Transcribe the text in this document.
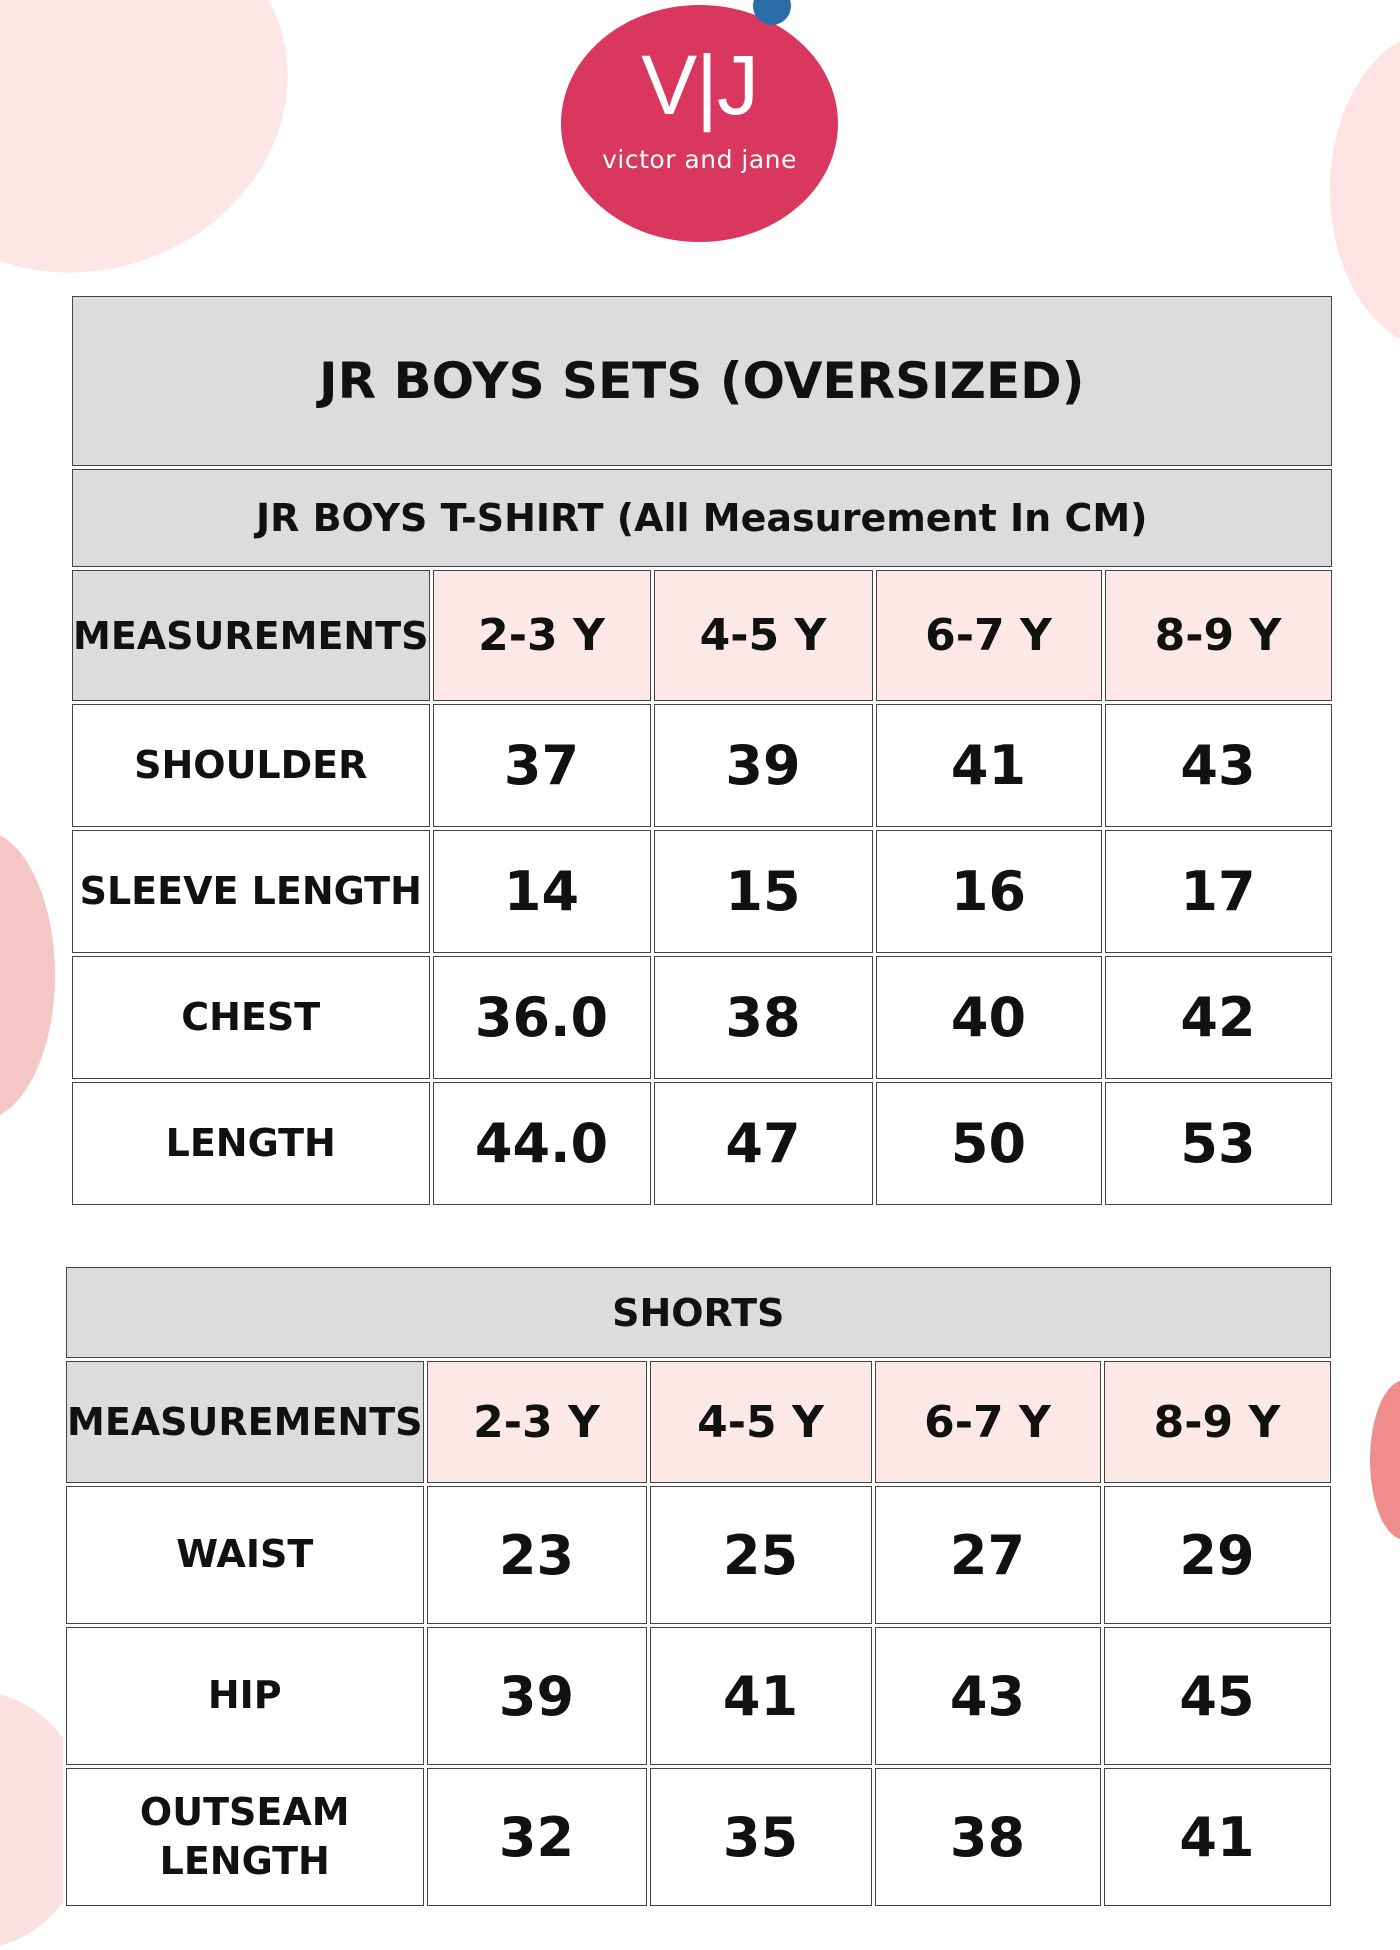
V|J
victor and jane
JR BOYS SETS (OVERSIZED)				
JR BOYS T-SHIRT (All Measurement In CM)				
MEASUREMENTS	2-3 Y	4-5 Y	6-7 Y	8-9 Y
SHOULDER	37	39	41	43
SLEEVE LENGTH	14	15	16	17
CHEST	36.0	38	40	42
LENGTH	44.0	47	50	53
SHORTS				
MEASUREMENTS	2-3 Y	4-5 Y	6-7 Y	8-9 Y
WAIST	23	25	27	29
HIP	39	41	43	45
OUTSEAM LENGTH	32	35	38	41
